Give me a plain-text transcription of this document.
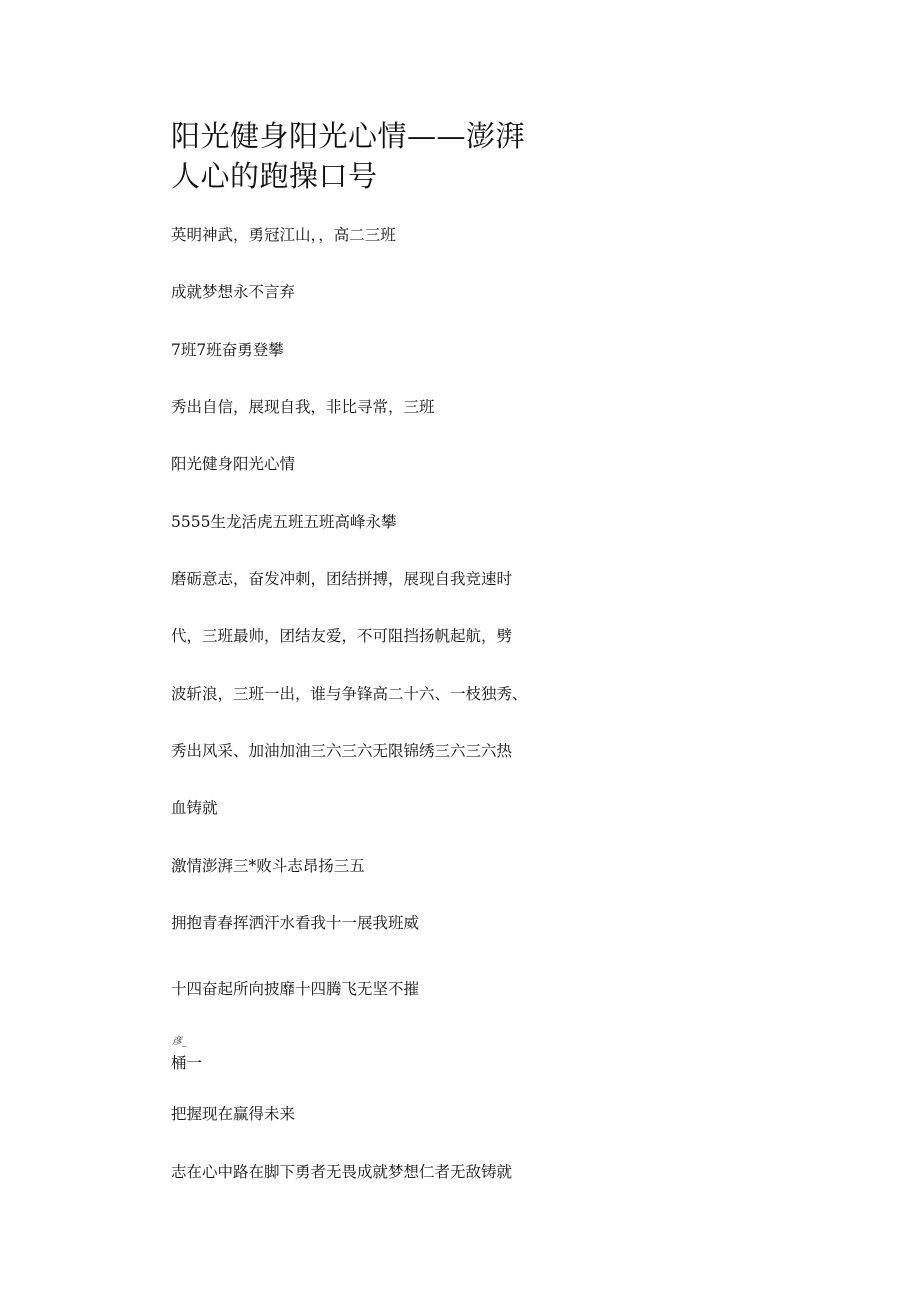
阳光健身阳光心情——澎湃
人心的跑操口号

英明神武，勇冠江山，，高二三班

成就梦想永不言弃

7班7班奋勇登攀

秀出自信，展现自我，非比寻常，三班

阳光健身阳光心情

5555生龙活虎五班五班高峰永攀

磨砺意志，奋发冲刺，团结拼搏，展现自我竞速时

代，三班最帅，团结友爱，不可阻挡扬帆起航，劈

波斩浪，三班一出，谁与争锋高二十六、一枝独秀、

秀出风采、加油加油三六三六无限锦绣三六三六热

血铸就

激情澎湃三*败斗志昂扬三五

拥抱青春挥洒汗水看我十一展我班威

十四奋起所向披靡十四腾飞无坚不摧

彦_

桶一

把握现在赢得未来

志在心中路在脚下勇者无畏成就梦想仁者无敌铸就
